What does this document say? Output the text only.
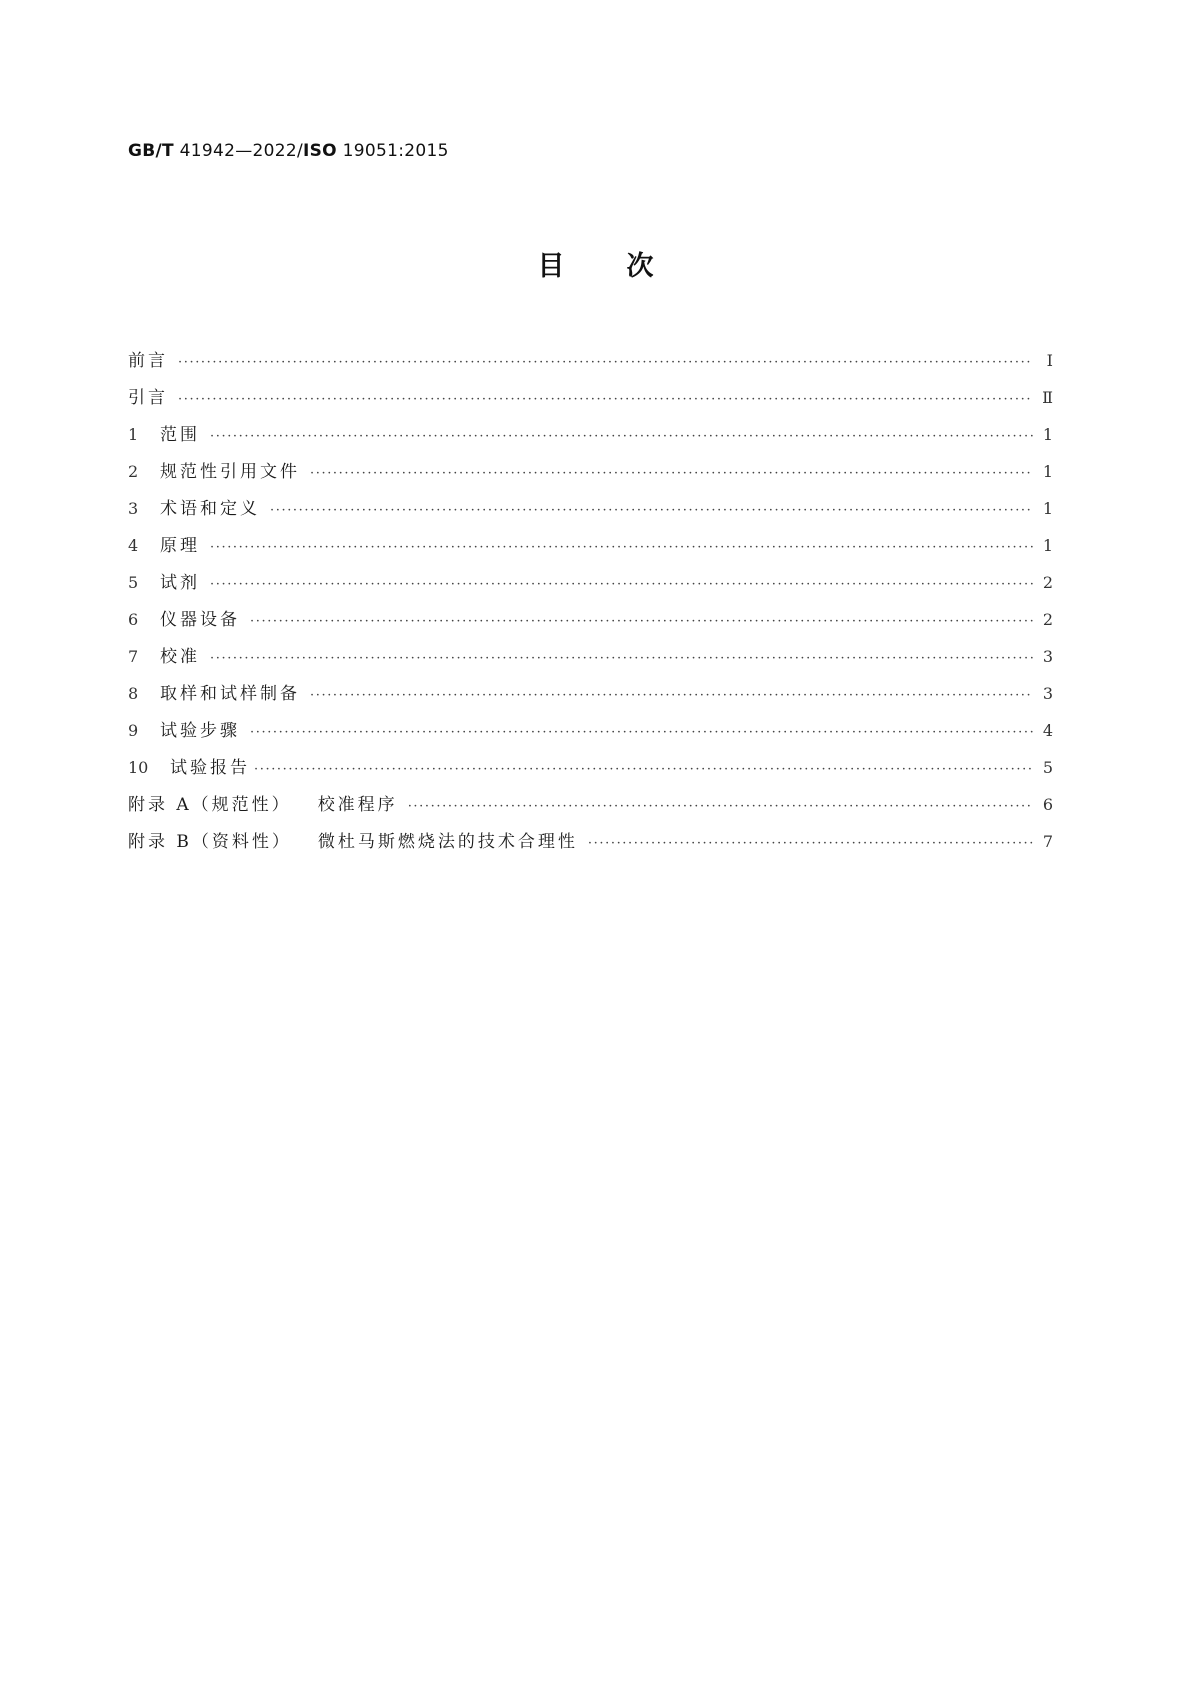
GB/T 41942—2022/ISO 19051:2015
目次
前言 ·····	Ⅰ
引言 ·····	Ⅱ
1	范围 ·····	1
2	规范性引用文件 ·····	1
3	术语和定义 ·····	1
4	原理 ·····	1
5	试剂 ·····	2
6	仪器设备 ·····	2
7	校准 ·····	3
8	取样和试样制备 ·····	3
9	试验步骤 ·····	4
10	试验报告 ·····	5
附录 A（规范性） 校准程序 ·····	6
附录 B（资料性） 微杜马斯燃烧法的技术合理性 ·····	7
